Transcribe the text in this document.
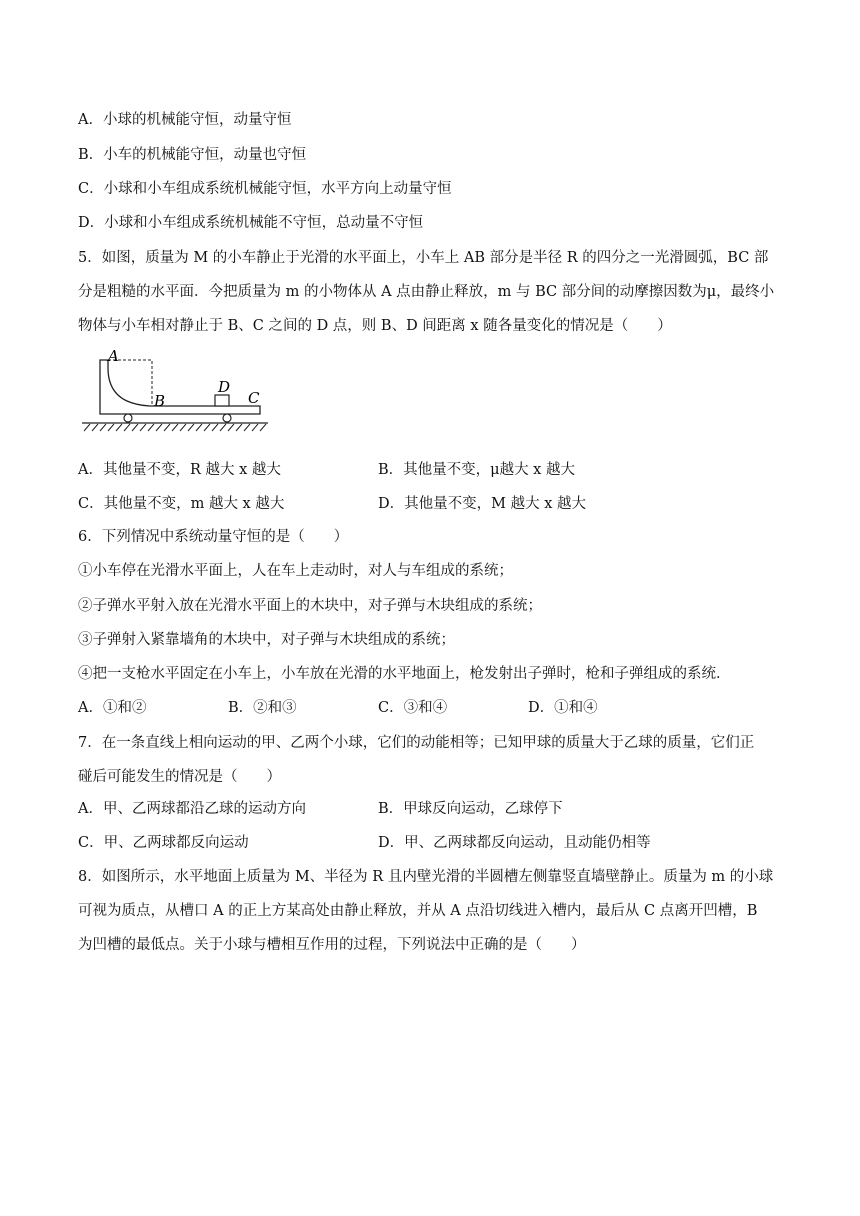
A．小球的机械能守恒，动量守恒
B．小车的机械能守恒，动量也守恒
C．小球和小车组成系统机械能守恒，水平方向上动量守恒
D．小球和小车组成系统机械能不守恒，总动量不守恒
5．如图，质量为 M 的小车静止于光滑的水平面上，小车上 AB 部分是半径 R 的四分之一光滑圆弧，BC 部
分是粗糙的水平面．今把质量为 m 的小物体从 A 点由静止释放，m 与 BC 部分间的动摩擦因数为μ，最终小
物体与小车相对静止于 B、C 之间的 D 点，则 B、D 间距离 x 随各量变化的情况是（　　）
A
B
D
C
A．其他量不变，R 越大 x 越大	B．其他量不变，μ越大 x 越大
C．其他量不变，m 越大 x 越大	D．其他量不变，M 越大 x 越大
6．下列情况中系统动量守恒的是（　　）
①小车停在光滑水平面上，人在车上走动时，对人与车组成的系统；
②子弹水平射入放在光滑水平面上的木块中，对子弹与木块组成的系统；
③子弹射入紧靠墙角的木块中，对子弹与木块组成的系统；
④把一支枪水平固定在小车上，小车放在光滑的水平地面上，枪发射出子弹时，枪和子弹组成的系统．
A．①和②	B．②和③	C．③和④	D．①和④
7．在一条直线上相向运动的甲、乙两个小球，它们的动能相等；已知甲球的质量大于乙球的质量，它们正
碰后可能发生的情况是（　　）
A．甲、乙两球都沿乙球的运动方向	B．甲球反向运动，乙球停下
C．甲、乙两球都反向运动	D．甲、乙两球都反向运动，且动能仍相等
8．如图所示，水平地面上质量为 M、半径为 R 且内壁光滑的半圆槽左侧靠竖直墙壁静止。质量为 m 的小球
可视为质点，从槽口 A 的正上方某高处由静止释放，并从 A 点沿切线进入槽内，最后从 C 点离开凹槽，B
为凹槽的最低点。关于小球与槽相互作用的过程，下列说法中正确的是（　　）
